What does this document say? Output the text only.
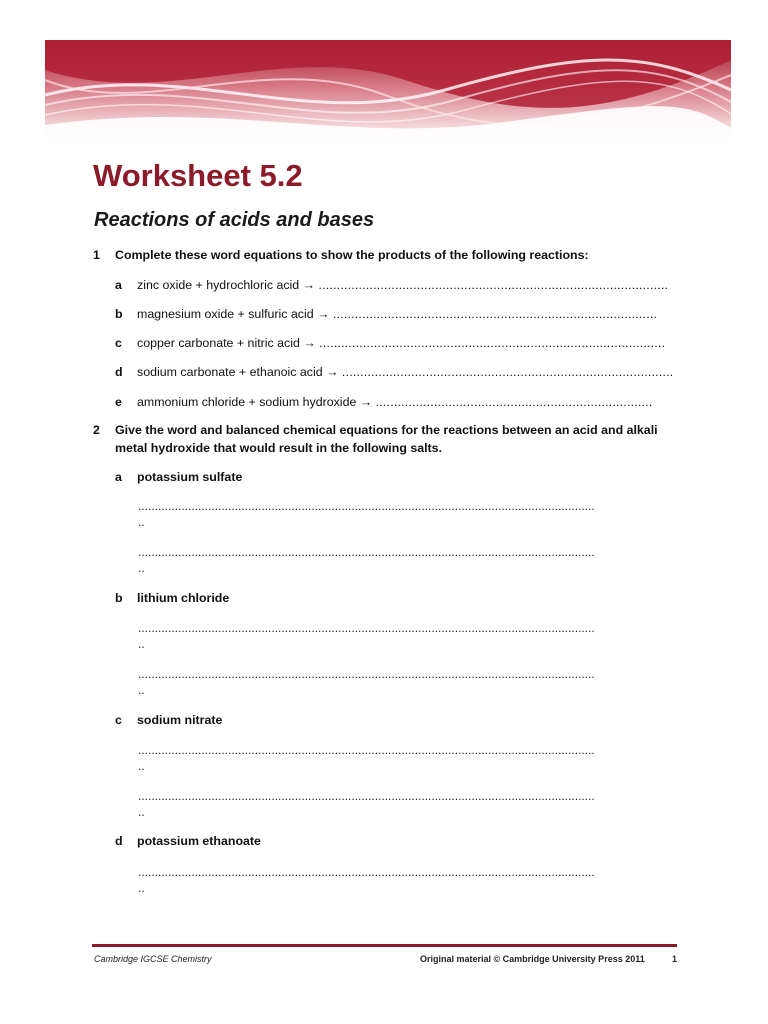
Worksheet 5.2
Reactions of acids and bases
1	Complete these word equations to show the products of the following reactions:
a zinc oxide + hydrochloric acid → ................................................................................................
b magnesium oxide + sulfuric acid → .........................................................................................
c copper carbonate + nitric acid → ...............................................................................................
d sodium carbonate + ethanoic acid → ...........................................................................................
e ammonium chloride + sodium hydroxide → ............................................................................
2	Give the word and balanced chemical equations for the reactions between an acid and alkali metal hydroxide that would result in the following salts.
a potassium sulfate
.........................................................................................................................................
..
.........................................................................................................................................
..
b lithium chloride
.........................................................................................................................................
..
.........................................................................................................................................
..
c sodium nitrate
.........................................................................................................................................
..
.........................................................................................................................................
..
d potassium ethanoate
.........................................................................................................................................
..
Cambridge IGCSE Chemistry	Original material © Cambridge University Press 2011	1
